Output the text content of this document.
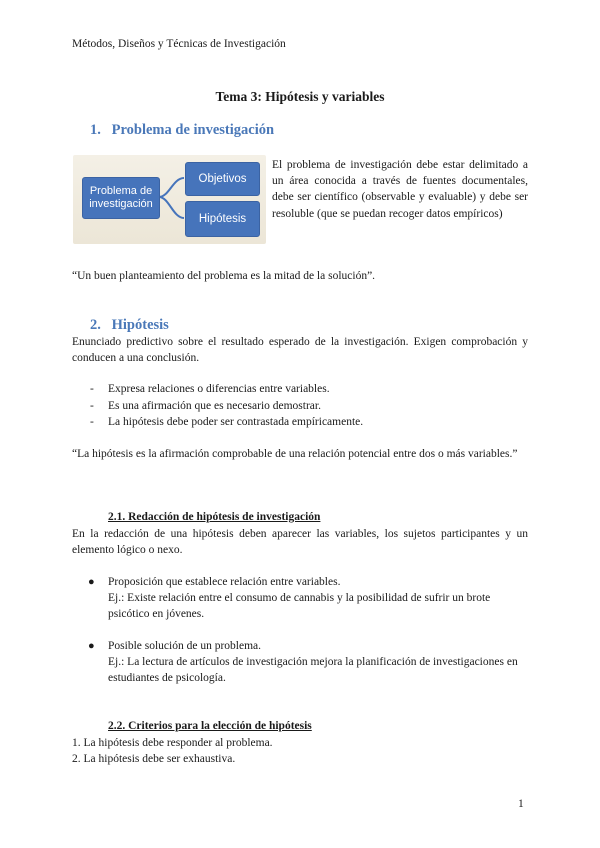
Métodos, Diseños y Técnicas de Investigación
Tema 3: Hipótesis y variables
1. Problema de investigación
Problema de investigación
Objetivos
Hipótesis
El problema de investigación debe estar delimitado a un área conocida a través de fuentes documentales, debe ser científico (observable y evaluable) y debe ser resoluble (que se puedan recoger datos empíricos)
“Un buen planteamiento del problema es la mitad de la solución”.
2. Hipótesis
Enunciado predictivo sobre el resultado esperado de la investigación. Exigen comprobación y conducen a una conclusión.
- Expresa relaciones o diferencias entre variables.
- Es una afirmación que es necesario demostrar.
- La hipótesis debe poder ser contrastada empíricamente.
“La hipótesis es la afirmación comprobable de una relación potencial entre dos o más variables.”
2.1. Redacción de hipótesis de investigación
En la redacción de una hipótesis deben aparecer las variables, los sujetos participantes y un elemento lógico o nexo.
● Proposición que establece relación entre variables.
Ej.: Existe relación entre el consumo de cannabis y la posibilidad de sufrir un brote psicótico en jóvenes.
● Posible solución de un problema.
Ej.: La lectura de artículos de investigación mejora la planificación de investigaciones en estudiantes de psicología.
2.2. Criterios para la elección de hipótesis
1. La hipótesis debe responder al problema.
2. La hipótesis debe ser exhaustiva.
1
